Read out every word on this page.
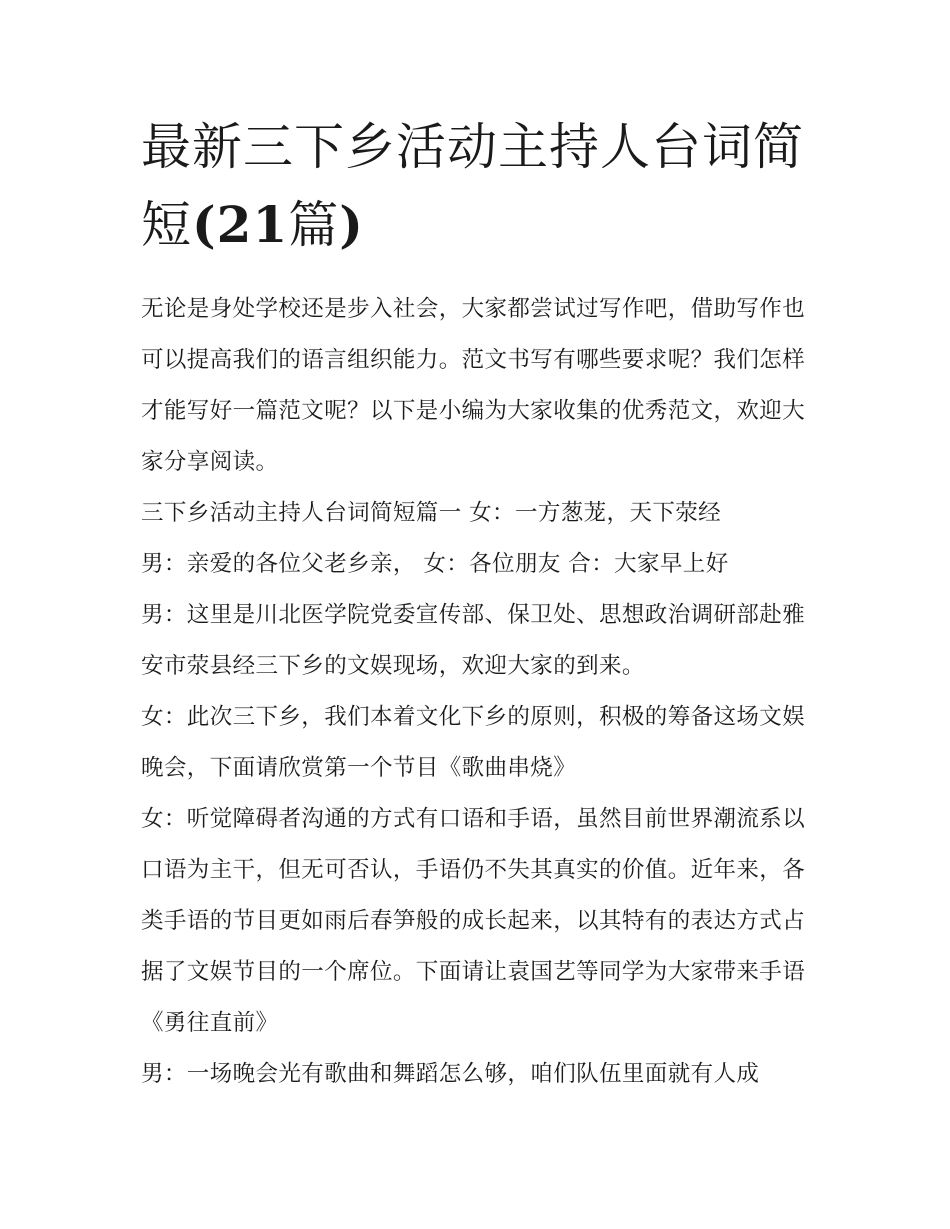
最新三下乡活动主持人台词简短(21篇)

无论是身处学校还是步入社会，大家都尝试过写作吧，借助写作也可以提高我们的语言组织能力。范文书写有哪些要求呢？我们怎样才能写好一篇范文呢？以下是小编为大家收集的优秀范文，欢迎大家分享阅读。

三下乡活动主持人台词简短篇一 女：一方葱茏，天下荥经

男：亲爱的各位父老乡亲， 女：各位朋友 合：大家早上好

男：这里是川北医学院党委宣传部、保卫处、思想政治调研部赴雅安市荥县经三下乡的文娱现场，欢迎大家的到来。

女：此次三下乡，我们本着文化下乡的原则，积极的筹备这场文娱晚会，下面请欣赏第一个节目《歌曲串烧》

女：听觉障碍者沟通的方式有口语和手语，虽然目前世界潮流系以口语为主干，但无可否认，手语仍不失其真实的价值。近年来，各类手语的节目更如雨后春笋般的成长起来，以其特有的表达方式占据了文娱节目的一个席位。下面请让袁国艺等同学为大家带来手语《勇往直前》

男：一场晚会光有歌曲和舞蹈怎么够，咱们队伍里面就有人成
